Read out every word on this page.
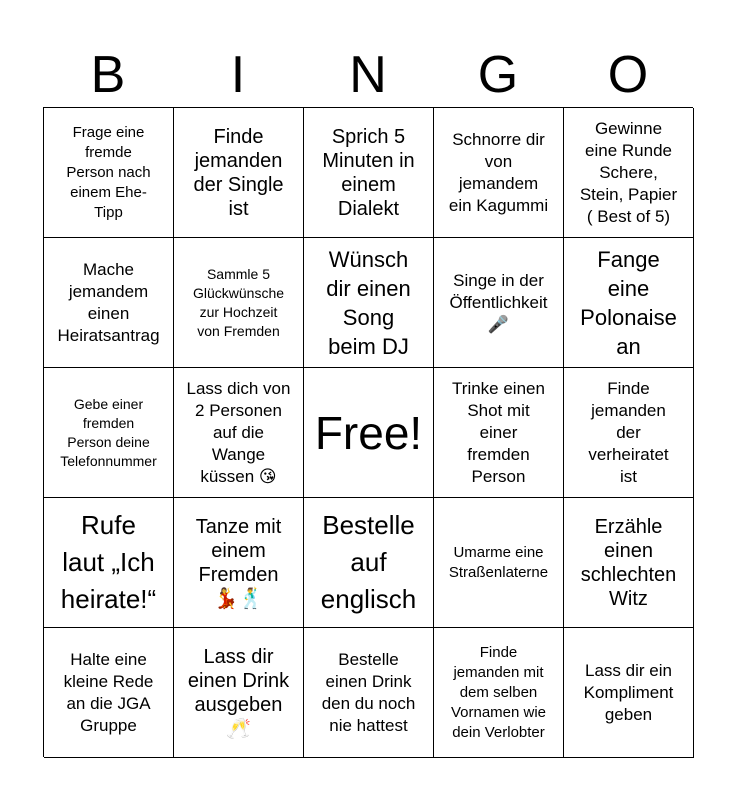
B	I	N	G	O
Frage eine
fremde
Person nach
einem Ehe-
Tipp
Finde
jemanden
der Single
ist
Sprich 5
Minuten in
einem
Dialekt
Schnorre dir
von
jemandem
ein Kagummi
Gewinne
eine Runde
Schere,
Stein, Papier
( Best of 5)
Mache
jemandem
einen
Heiratsantrag
Sammle 5
Glückwünsche
zur Hochzeit
von Fremden
Wünsch
dir einen
Song
beim DJ
Singe in der
Öffentlichkeit
🎤
Fange
eine
Polonaise
an
Gebe einer
fremden
Person deine
Telefonnummer
Lass dich von
2 Personen
auf die
Wange
küssen 😘
Free!
Trinke einen
Shot mit
einer
fremden
Person
Finde
jemanden
der
verheiratet
ist
Rufe
laut „Ich
heirate!“
Tanze mit
einem
Fremden
💃🕺
Bestelle
auf
englisch
Umarme eine
Straßenlaterne
Erzähle
einen
schlechten
Witz
Halte eine
kleine Rede
an die JGA
Gruppe
Lass dir
einen Drink
ausgeben
🥂
Bestelle
einen Drink
den du noch
nie hattest
Finde
jemanden mit
dem selben
Vornamen wie
dein Verlobter
Lass dir ein
Kompliment
geben
